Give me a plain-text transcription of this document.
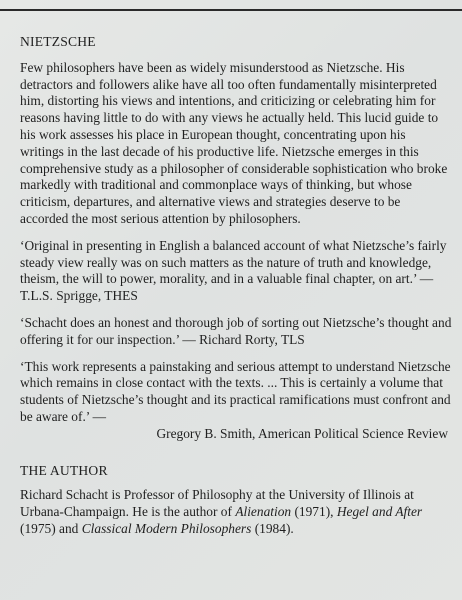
NIETZSCHE

Few philosophers have been as widely misunderstood as Nietzsche. His detractors and followers alike have all too often fundamentally misinterpreted him, distorting his views and intentions, and criticizing or celebrating him for reasons having little to do with any views he actually held. This lucid guide to his work assesses his place in European thought, concentrating upon his writings in the last decade of his productive life. Nietzsche emerges in this comprehensive study as a philosopher of considerable sophistication who broke markedly with traditional and commonplace ways of thinking, but whose criticism, departures, and alternative views and strategies deserve to be accorded the most serious attention by philosophers.

‘Original in presenting in English a balanced account of what Nietzsche’s fairly steady view really was on such matters as the nature of truth and knowledge, theism, the will to power, morality, and in a valuable final chapter, on art.’ — T.L.S. Sprigge, THES

‘Schacht does an honest and thorough job of sorting out Nietzsche’s thought and offering it for our inspection.’ — Richard Rorty, TLS

‘This work represents a painstaking and serious attempt to understand Nietzsche which remains in close contact with the texts. ... This is certainly a volume that students of Nietzsche’s thought and its practical ramifications must confront and be aware of.’ —

Gregory B. Smith, American Political Science Review

THE AUTHOR

Richard Schacht is Professor of Philosophy at the University of Illinois at Urbana-Champaign. He is the author of Alienation (1971), Hegel and After (1975) and Classical Modern Philosophers (1984).
